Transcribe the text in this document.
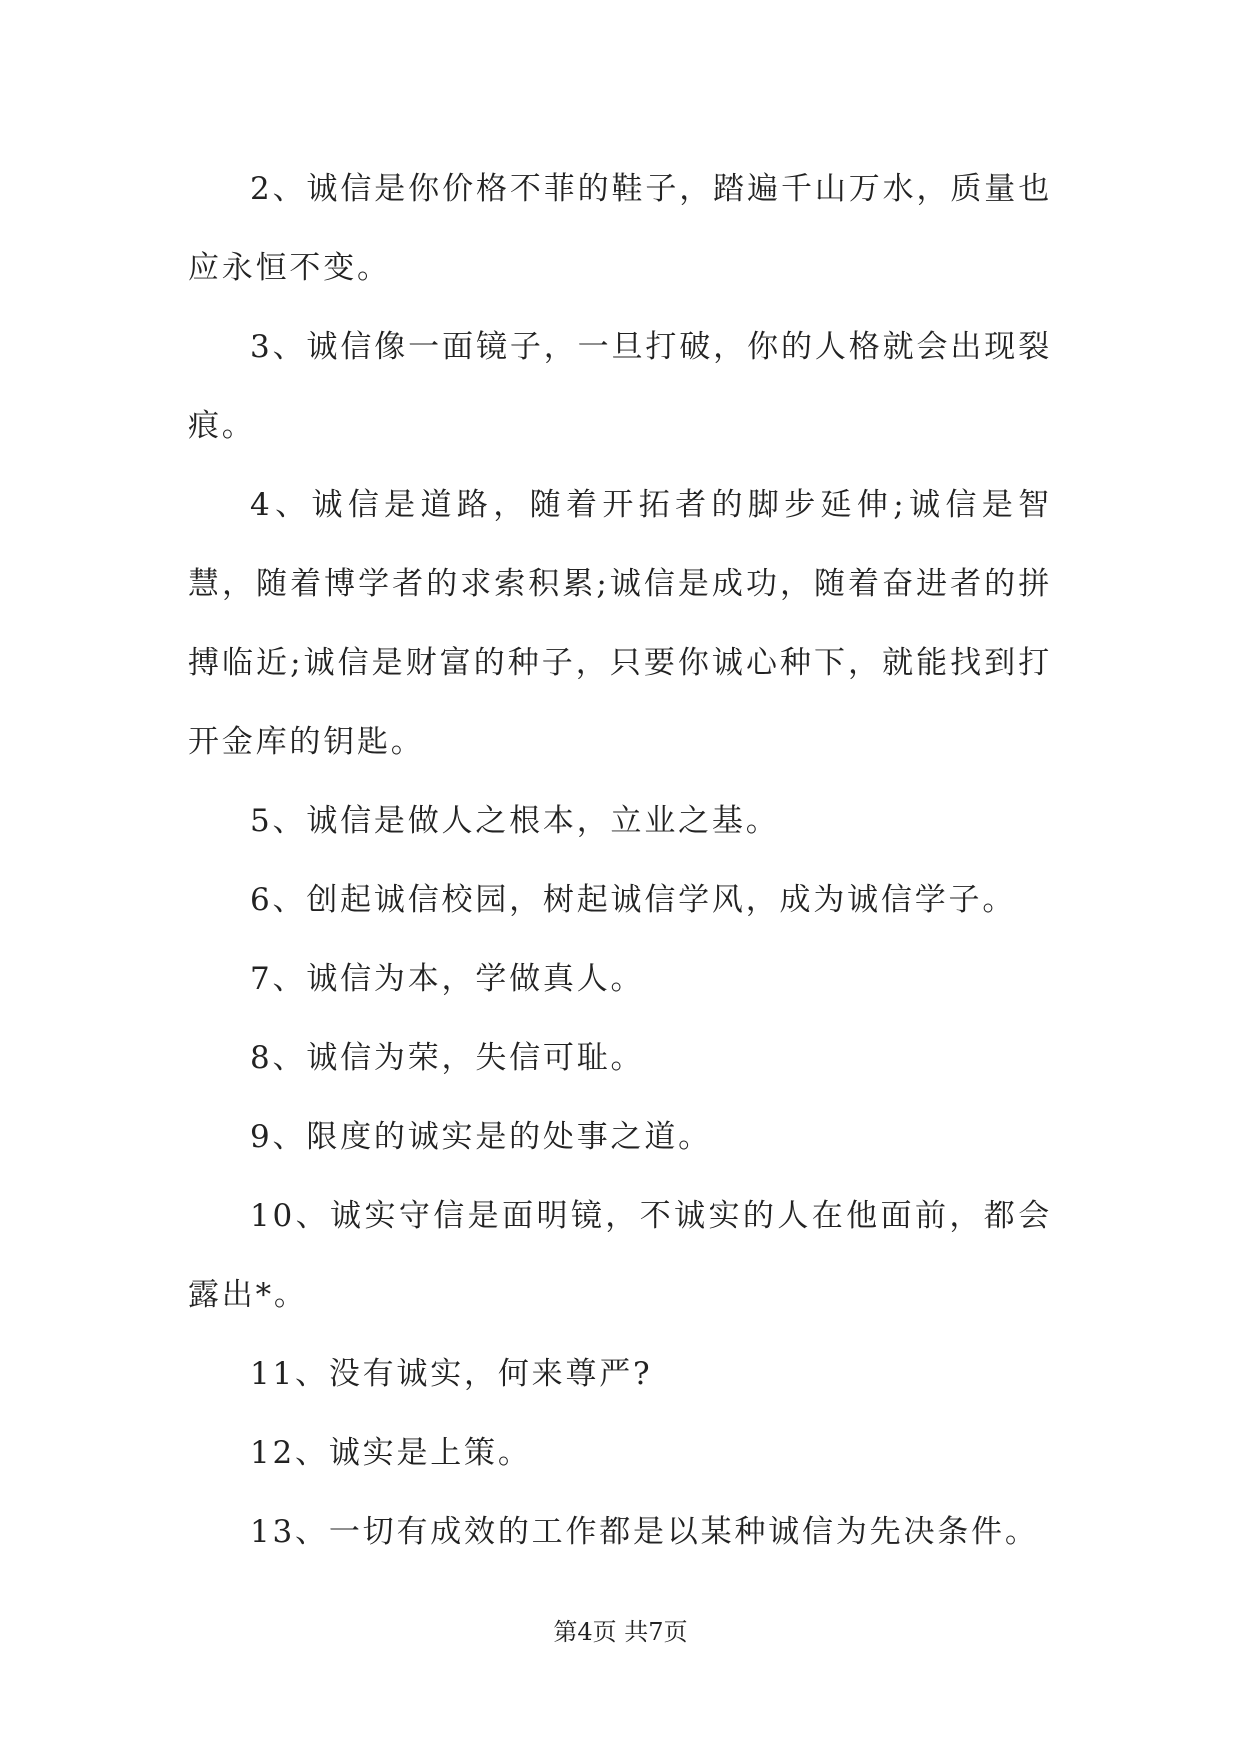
2、诚信是你价格不菲的鞋子，踏遍千山万水，质量也应永恒不变。

3、诚信像一面镜子，一旦打破，你的人格就会出现裂痕。

4、诚信是道路，随着开拓者的脚步延伸;诚信是智慧，随着博学者的求索积累;诚信是成功，随着奋进者的拼搏临近;诚信是财富的种子，只要你诚心种下，就能找到打开金库的钥匙。

5、诚信是做人之根本，立业之基。

6、创起诚信校园，树起诚信学风，成为诚信学子。

7、诚信为本，学做真人。

8、诚信为荣，失信可耻。

9、限度的诚实是的处事之道。

10、诚实守信是面明镜，不诚实的人在他面前，都会露出*。

11、没有诚实，何来尊严?

12、诚实是上策。

13、一切有成效的工作都是以某种诚信为先决条件。

第4页 共7页
